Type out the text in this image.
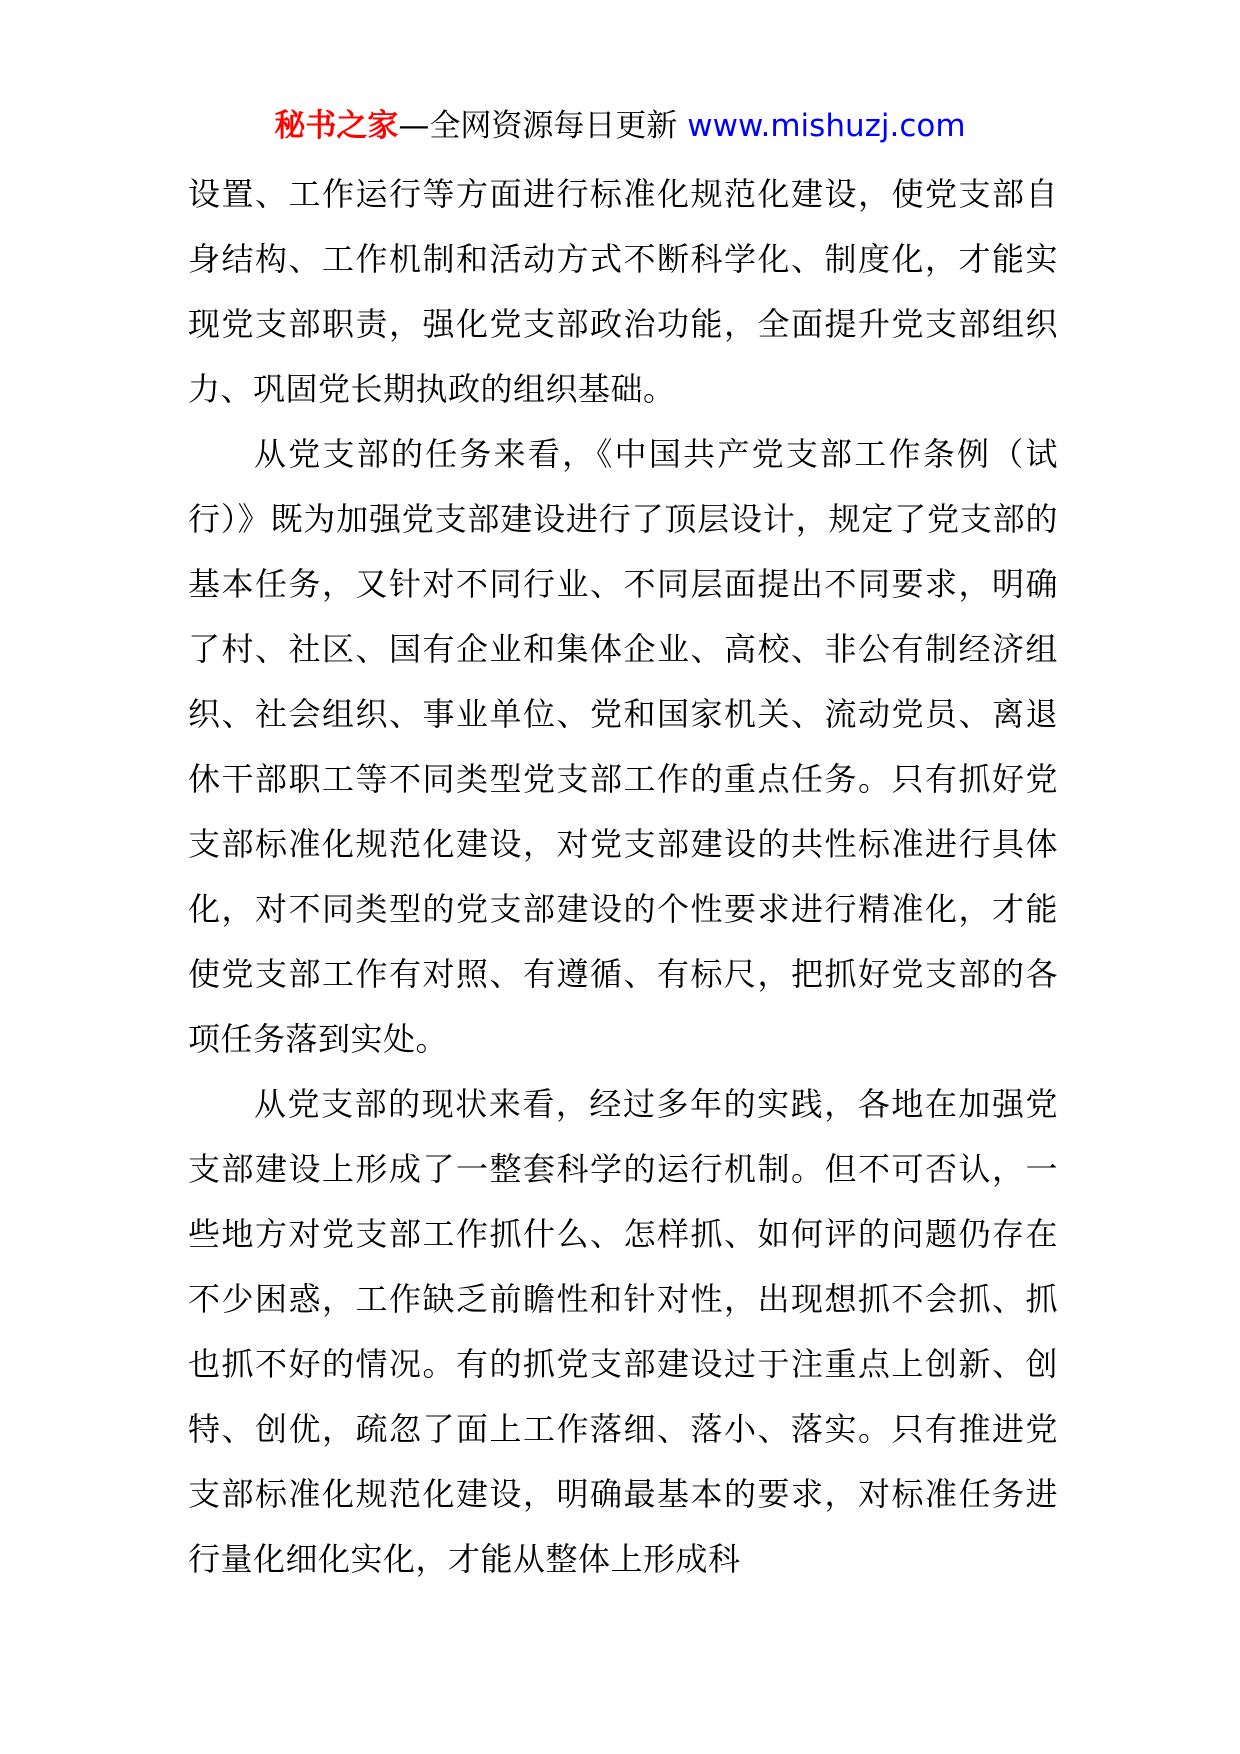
秘书之家—全网资源每日更新 www.mishuzj.com

设置、工作运行等方面进行标准化规范化建设，使党支部自身结构、工作机制和活动方式不断科学化、制度化，才能实现党支部职责，强化党支部政治功能，全面提升党支部组织力、巩固党长期执政的组织基础。

从党支部的任务来看，《中国共产党支部工作条例（试行）》既为加强党支部建设进行了顶层设计，规定了党支部的基本任务，又针对不同行业、不同层面提出不同要求，明确了村、社区、国有企业和集体企业、高校、非公有制经济组织、社会组织、事业单位、党和国家机关、流动党员、离退休干部职工等不同类型党支部工作的重点任务。只有抓好党支部标准化规范化建设，对党支部建设的共性标准进行具体化，对不同类型的党支部建设的个性要求进行精准化，才能使党支部工作有对照、有遵循、有标尺，把抓好党支部的各项任务落到实处。

从党支部的现状来看，经过多年的实践，各地在加强党支部建设上形成了一整套科学的运行机制。但不可否认，一些地方对党支部工作抓什么、怎样抓、如何评的问题仍存在不少困惑，工作缺乏前瞻性和针对性，出现想抓不会抓、抓也抓不好的情况。有的抓党支部建设过于注重点上创新、创特、创优，疏忽了面上工作落细、落小、落实。只有推进党支部标准化规范化建设，明确最基本的要求，对标准任务进行量化细化实化，才能从整体上形成科
